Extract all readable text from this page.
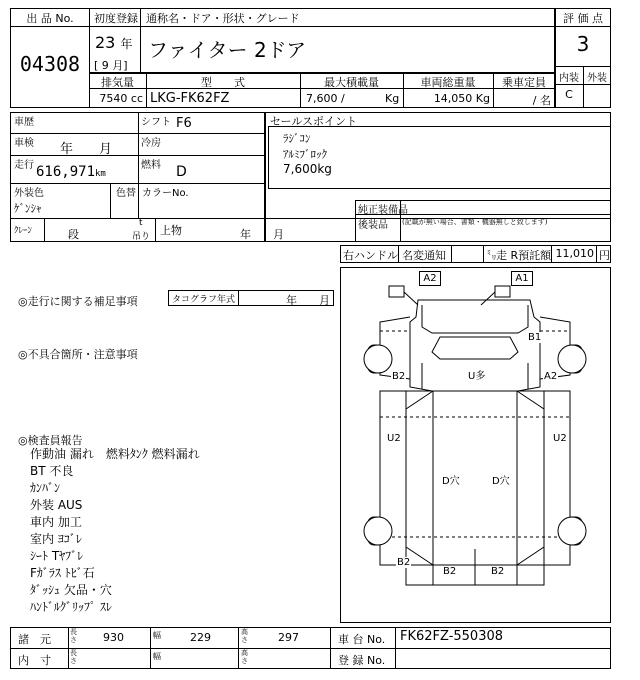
出 品 No.
04308
初度登録 通称名・ドア・形状・グレード
23 年
[ 9 月]
ファイター 2ドア
評 価 点
3
内装 外装
C
排気量	型　　式	最大積載量	車両総重量	乗車定員
7540 cc LKG-FK62FZ	7,600 /	Kg	14,050 Kg	/ 名
車歴	シフト F6
車検 年　　月	冷房
走行 616,971km
燃料 D
外装色
ｹﾞﾝｼｬ
色替 カラーNo.
ｸﾚｰﾝ	段
t
吊り 上物	年　　月
セールスポイント
ﾗｼﾞｺﾝ
ｱﾙﾐﾌﾞﾛｯｸ
7,600kg
純正装備品
後装品 (記載が無い場合、書類・機器無しと致します)
右ハンドル 名変通知	㍉ 走 R預託額 11,010 円
◎走行に関する補足事項	タコグラフ年式	年　　月
◎不具合箇所・注意事項
◎検査員報告
作動油 漏れ　燃料ﾀﾝｸ 燃料漏れ
BT 不良
ｶﾝﾊﾞﾝ
外装 AUS
車内 加工
室内 ﾖｺﾞﾚ
ｼｰﾄ Tﾔﾌﾞﾚ
Fｶﾞﾗｽ ﾄﾋﾞ石
ﾀﾞｯｼｭ 欠品・穴
ﾊﾝﾄﾞﾙｸﾞﾘｯﾌﾟ ｽﾚ
A2	A1
B1
B2	U多	A2
U2	U2
D穴	D穴
B2
B2	B2
諸　元
長さ	930	幅	229	高さ	297	車 台 No. FK62FZ-550308
内　寸
長さ	幅	高さ	登 録 No.
